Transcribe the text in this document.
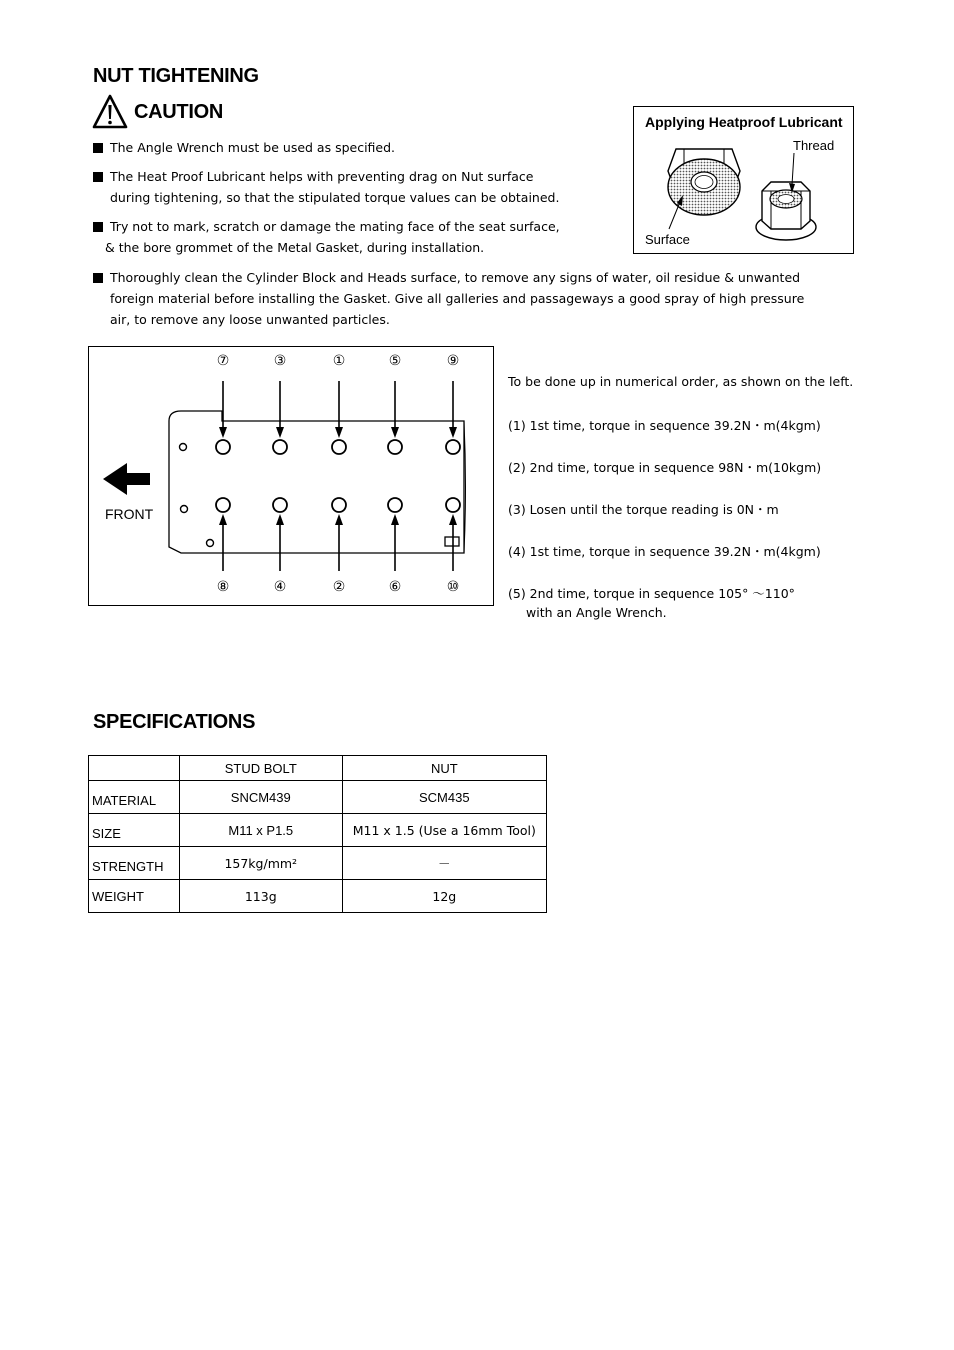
NUT TIGHTENING
CAUTION
The Angle Wrench must be used as specified.
The Heat Proof Lubricant helps with preventing drag on Nut surface
during tightening, so that the stipulated torque values can be obtained.
Try not to mark, scratch or damage the mating face of the seat surface,
& the bore grommet of the Metal Gasket, during installation.
Thoroughly clean the Cylinder Block and Heads surface, to remove any signs of water, oil residue & unwanted
foreign material before installing the Gasket. Give all galleries and passageways a good spray of high pressure
air, to remove any loose unwanted particles.
Applying Heatproof Lubricant
Thread
Surface
FRONT
⑦	③	①	⑤	⑨
⑧	④	②	⑥	⑩
To be done up in numerical order, as shown on the left.
(1) 1st time, torque in sequence 39.2N・m(4kgm)
(2) 2nd time, torque in sequence 98N・m(10kgm)
(3) Losen until the torque reading is 0N・m
(4) 1st time, torque in sequence 39.2N・m(4kgm)
(5) 2nd time, torque in sequence 105° ～110°
with an Angle Wrench.
SPECIFICATIONS
	STUD BOLT	NUT
MATERIAL	SNCM439	SCM435
SIZE	M11 x P1.5	M11 x 1.5 (Use a 16mm Tool)
STRENGTH	157kg/mm²	－
WEIGHT	113g	12g
